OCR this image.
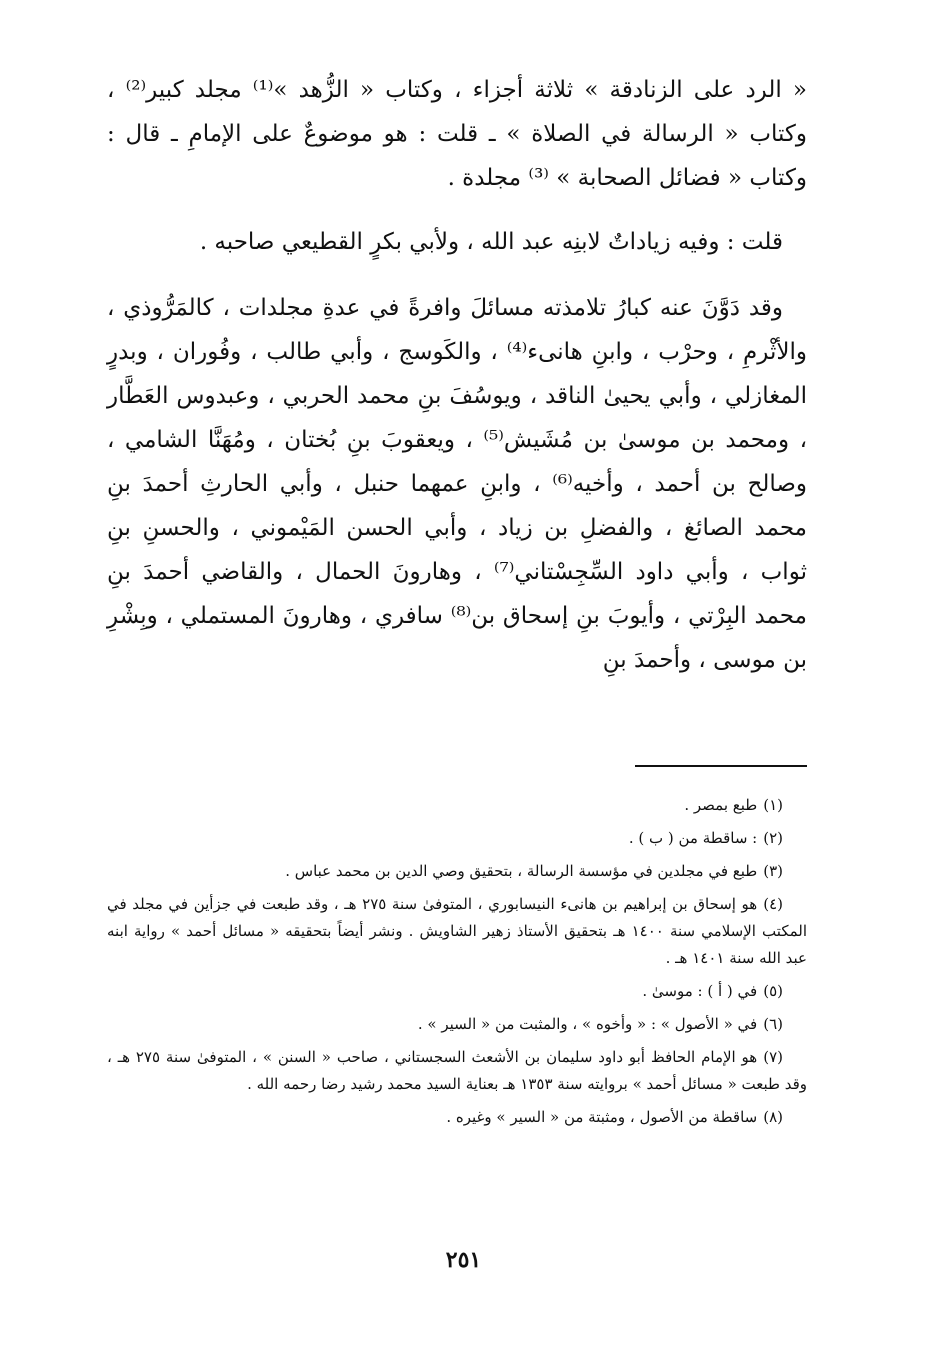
« الرد على الزنادقة » ثلاثة أجزاء ، وكتاب « الزُّهد »⁽¹⁾ مجلد كبير⁽²⁾ ، وكتاب « الرسالة في الصلاة » ـ قلت : هو موضوعٌ على الإمامِ ـ قال : وكتاب « فضائل الصحابة » ⁽³⁾ مجلدة .

قلت : وفيه زياداتٌ لابنِه عبد الله ، ولأبي بكرٍ القطيعي صاحبه .

وقد دَوَّنَ عنه كبارُ تلامذته مسائلَ وافرةً في عدةِ مجلدات ، كالمَرُّوذي ، والأثْرمِ ، وحرْب ، وابنِ هانىء⁽⁴⁾ ، والكَوسج ، وأبي طالب ، وفُوران ، وبدرٍ المغازلي ، وأبي يحيىٰ الناقد ، ويوسُفَ بنِ محمد الحربي ، وعبدوس العَطَّار ، ومحمد بن موسىٰ بن مُشَيش⁽⁵⁾ ، ويعقوبَ بنِ بُختان ، ومُهَنَّا الشامي ، وصالح بن أحمد ، وأخيه⁽⁶⁾ ، وابنِ عمهما حنبل ، وأبي الحارثِ أحمدَ بنِ محمد الصائغ ، والفضلِ بن زياد ، وأبي الحسن المَيْموني ، والحسنِ بنِ ثواب ، وأبي داود السِّجِسْتاني⁽⁷⁾ ، وهارونَ الحمال ، والقاضي أحمدَ بنِ محمد البِرْتي ، وأيوبَ بنِ إسحاق بن⁽⁸⁾ سافري ، وهارونَ المستملي ، وبِشْرِ بن موسى ، وأحمدَ بنِ

(١)طبع بمصر .

(٢): ساقطة من ( ب ) .

(٣)طبع في مجلدين في مؤسسة الرسالة ، بتحقيق وصي الدين بن محمد عباس .

(٤)هو إسحاق بن إبراهيم بن هانىء النيسابوري ، المتوفىٰ سنة ٢٧٥ هـ ، وقد طبعت في جزأين في مجلد في المكتب الإسلامي سنة ١٤٠٠ هـ بتحقيق الأستاذ زهير الشاويش . ونشر أيضاً بتحقيقه « مسائل أحمد » رواية ابنه عبد الله سنة ١٤٠١ هـ .

(٥)في ( أ ) : موسىٰ .

(٦)في « الأصول » : « وأخوه » ، والمثبت من « السير » .

(٧)هو الإمام الحافظ أبو داود سليمان بن الأشعث السجستاني ، صاحب « السنن » ، المتوفىٰ سنة ٢٧٥ هـ ، وقد طبعت « مسائل أحمد » بروايته سنة ١٣٥٣ هـ بعناية السيد محمد رشيد رضا رحمه الله .

(٨)ساقطة من الأصول ، ومثبتة من « السير » وغيره .

٢٥١
